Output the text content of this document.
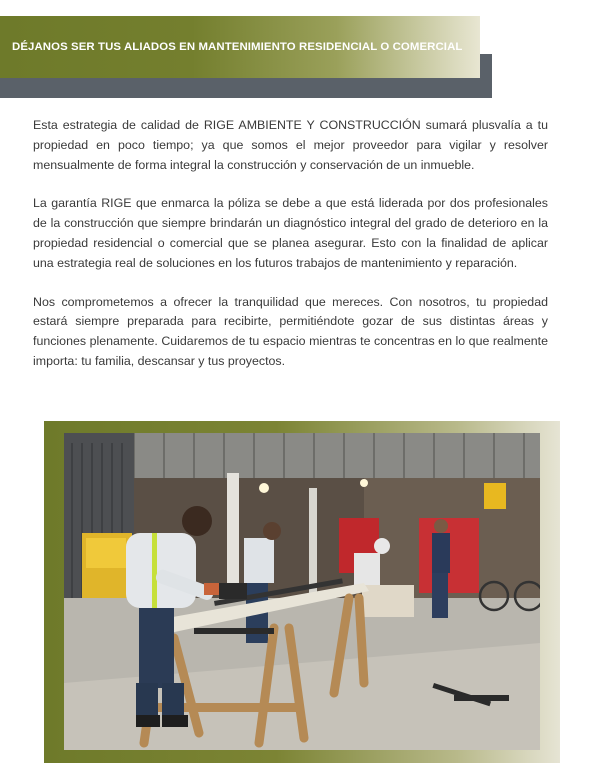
DÉJANOS SER TUS ALIADOS EN MANTENIMIENTO RESIDENCIAL O COMERCIAL

Esta estrategia de calidad de RIGE AMBIENTE Y CONSTRUCCIÓN sumará plusvalía a tu propiedad en poco tiempo; ya que somos el mejor proveedor para vigilar y resolver mensualmente de forma integral la construcción y conservación de un inmueble.

La garantía RIGE que enmarca la póliza se debe a que está liderada por dos profesionales de la construcción que siempre brindarán un diagnóstico integral del grado de deterioro en la propiedad residencial o comercial que se planea asegurar. Esto con la finalidad de aplicar una estrategia real de soluciones en los futuros trabajos de mantenimiento y reparación.

Nos comprometemos a ofrecer la tranquilidad que mereces. Con nosotros, tu propiedad estará siempre preparada para recibirte, permitiéndote gozar de sus distintas áreas y funciones plenamente. Cuidaremos de tu espacio mientras te concentras en lo que realmente importa: tu familia, descansar y tus proyectos.
